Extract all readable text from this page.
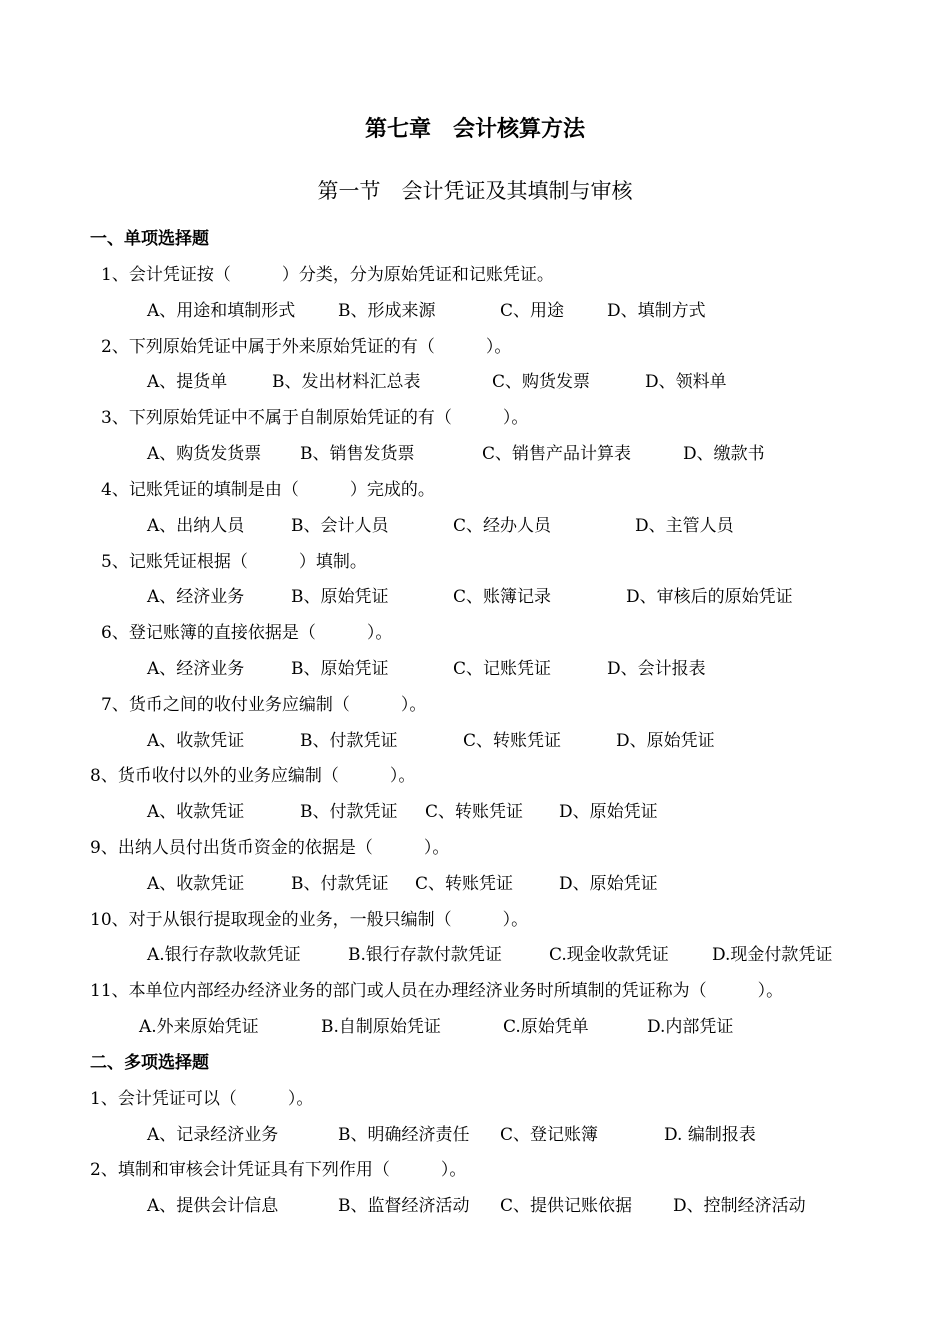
第七章　会计核算方法
第一节　会计凭证及其填制与审核
一、单项选择题
1、会计凭证按（　　　）分类，分为原始凭证和记账凭证。
A、用途和填制形式	B、形成来源	C、用途	D、填制方式
2、下列原始凭证中属于外来原始凭证的有（　　　）。
A、提货单	B、发出材料汇总表	C、购货发票	D、领料单
3、下列原始凭证中不属于自制原始凭证的有（　　　）。
A、购货发货票 B、销售发货票	C、销售产品计算表	D、缴款书
4、记账凭证的填制是由（　　　）完成的。
A、出纳人员	B、会计人员	C、经办人员	D、主管人员
5、记账凭证根据（　　　）填制。
A、经济业务	B、原始凭证	C、账簿记录	D、审核后的原始凭证
6、登记账簿的直接依据是（　　　）。
A、经济业务	B、原始凭证	C、记账凭证	D、会计报表
7、货币之间的收付业务应编制（　　　）。
A、收款凭证	B、付款凭证	C、转账凭证	D、原始凭证
8、货币收付以外的业务应编制（　　　）。
A、收款凭证	B、付款凭证 C、转账凭证 D、原始凭证
9、出纳人员付出货币资金的依据是（　　　）。
A、收款凭证	B、付款凭证 C、转账凭证	D、原始凭证
10、对于从银行提取现金的业务，一般只编制（　　　）。
A.银行存款收款凭证	B.银行存款付款凭证	C.现金收款凭证	D.现金付款凭证
11、本单位内部经办经济业务的部门或人员在办理经济业务时所填制的凭证称为（　　　）。
A.外来原始凭证	B.自制原始凭证	C.原始凭单	D.内部凭证
二、多项选择题
1、会计凭证可以（　　　）。
A、记录经济业务	B、明确经济责任 C、登记账簿	D. 编制报表
2、填制和审核会计凭证具有下列作用（　　　）。
A、提供会计信息	B、监督经济活动 C、提供记账依据 D、控制经济活动
